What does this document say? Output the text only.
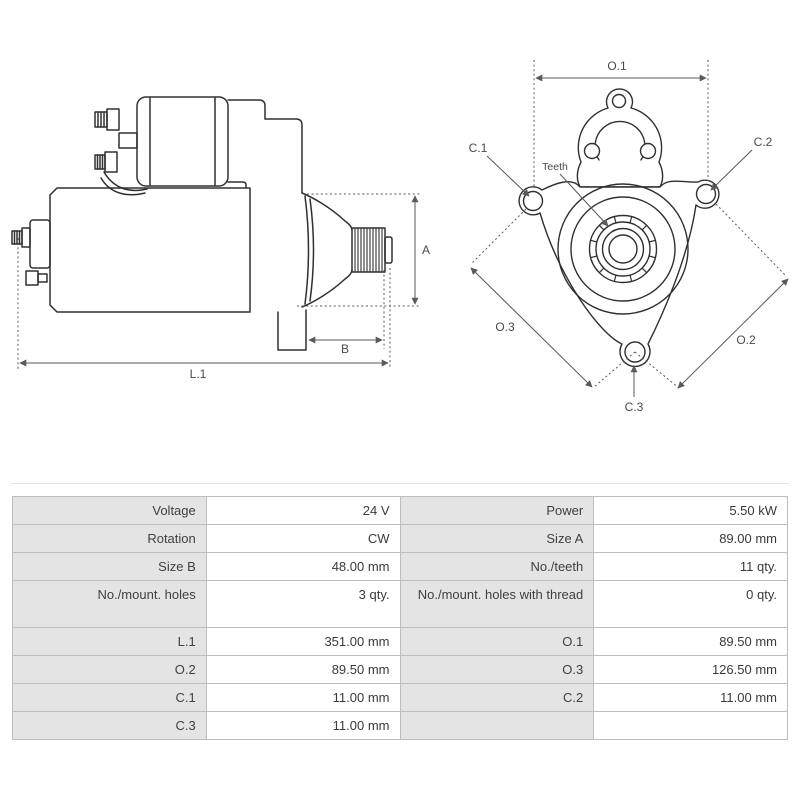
A
B
L.1
O.1
C.1	C.2
Teeth
O.3
O.2
C.3
Voltage	24 V	Power	5.50 kW
Rotation	CW	Size A	89.00 mm
Size B	48.00 mm	No./teeth	11 qty.
No./mount. holes	3 qty.	No./mount. holes with thread	0 qty.
L.1	351.00 mm	O.1	89.50 mm
O.2	89.50 mm	O.3	126.50 mm
C.1	11.00 mm	C.2	11.00 mm
C.3	11.00 mm		
